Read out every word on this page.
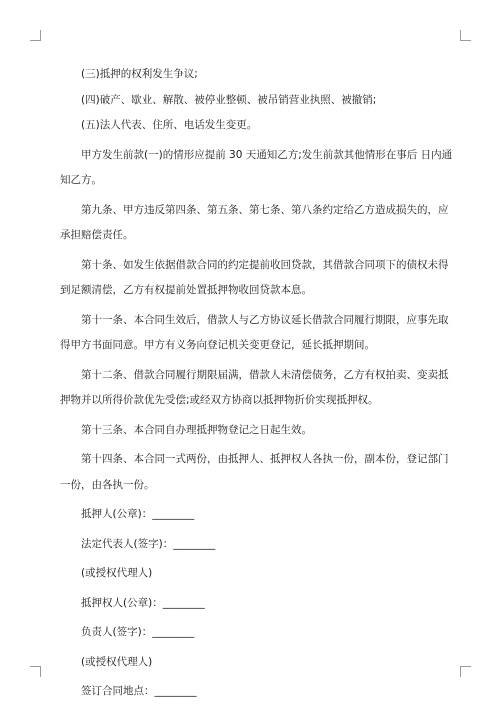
(三)抵押的权利发生争议;

(四)破产、歇业、解散、被停业整顿、被吊销营业执照、被撤销;

(五)法人代表、住所、电话发生变更。

甲方发生前款(一)的情形应提前 30 天通知乙方;发生前款其他情形在事后 日内通

知乙方。

第九条、甲方违反第四条、第五条、第七条、第八条约定给乙方造成损失的，应

承担赔偿责任。

第十条、如发生依据借款合同的约定提前收回贷款，其借款合同项下的债权未得

到足额清偿，乙方有权提前处置抵押物收回贷款本息。

第十一条、本合同生效后，借款人与乙方协议延长借款合同履行期限，应事先取

得甲方书面同意。甲方有义务向登记机关变更登记，延长抵押期间。

第十二条、借款合同履行期限届满，借款人未清偿债务，乙方有权拍卖、变卖抵

押物并以所得价款优先受偿;或经双方协商以抵押物折价实现抵押权。

第十三条、本合同自办理抵押物登记之日起生效。

第十四条、本合同一式两份，由抵押人、抵押权人各执一份，副本份，登记部门

一份，由各执一份。

抵押人(公章)：________

法定代表人(签字)：________

(或授权代理人)

抵押权人(公章)：________

负责人(签字)：________

(或授权代理人)

签订合同地点：________
